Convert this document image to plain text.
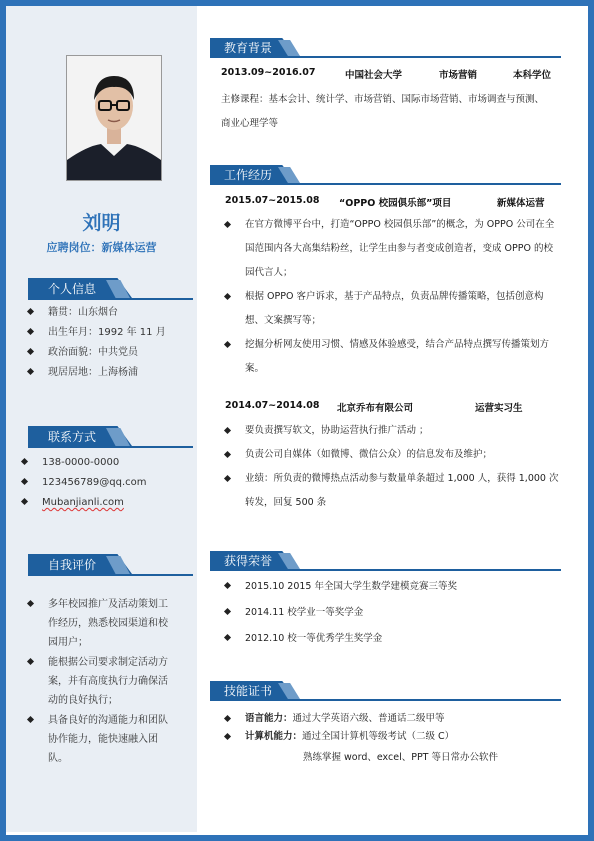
刘明
应聘岗位：新媒体运营
个人信息
籍贯：山东烟台
出生年月：1992 年 11 月
政治面貌：中共党员
现居居地：上海杨浦
联系方式
138-0000-0000
123456789@qq.com
Mubanjianli.com
自我评价
多年校园推广及活动策划工作经历，熟悉校园渠道和校园用户；
能根据公司要求制定活动方案，并有高度执行力确保活动的良好执行；
具备良好的沟通能力和团队协作能力，能快速融入团队。
教育背景
2013.09~2016.07	中国社会大学	市场营销	本科学位
主修课程：基本会计、统计学、市场营销、国际市场营销、市场调查与预测、
商业心理学等
工作经历
2015.07~2015.08 “OPPO 校园俱乐部”项目	新媒体运营
在官方微博平台中，打造“OPPO 校园俱乐部”的概念，为 OPPO 公司在全国范围内各大高集结粉丝，让学生由参与者变成创造者，变成 OPPO 的校园代言人；
根据 OPPO 客户诉求，基于产品特点，负责品牌传播策略，包括创意构想、文案撰写等；
挖掘分析网友使用习惯、情感及体验感受，结合产品特点撰写传播策划方案。
2014.07~2014.08 北京乔布有限公司	运营实习生
要负责撰写软文，协助运营执行推广活动 ；
负责公司自媒体（如微博、微信公众）的信息发布及维护；
业绩：所负责的微博热点活动参与数量单条超过 1,000 人，获得 1,000 次转发，回复 500 条
获得荣誉
2015.10 2015 年全国大学生数学建模竞赛三等奖
2014.11 校学业一等奖学金
2012.10 校一等优秀学生奖学金
技能证书
语言能力：通过大学英语六级、普通话二级甲等
计算机能力：通过全国计算机等级考试（二级 C）
熟练掌握 word、excel、PPT 等日常办公软件
